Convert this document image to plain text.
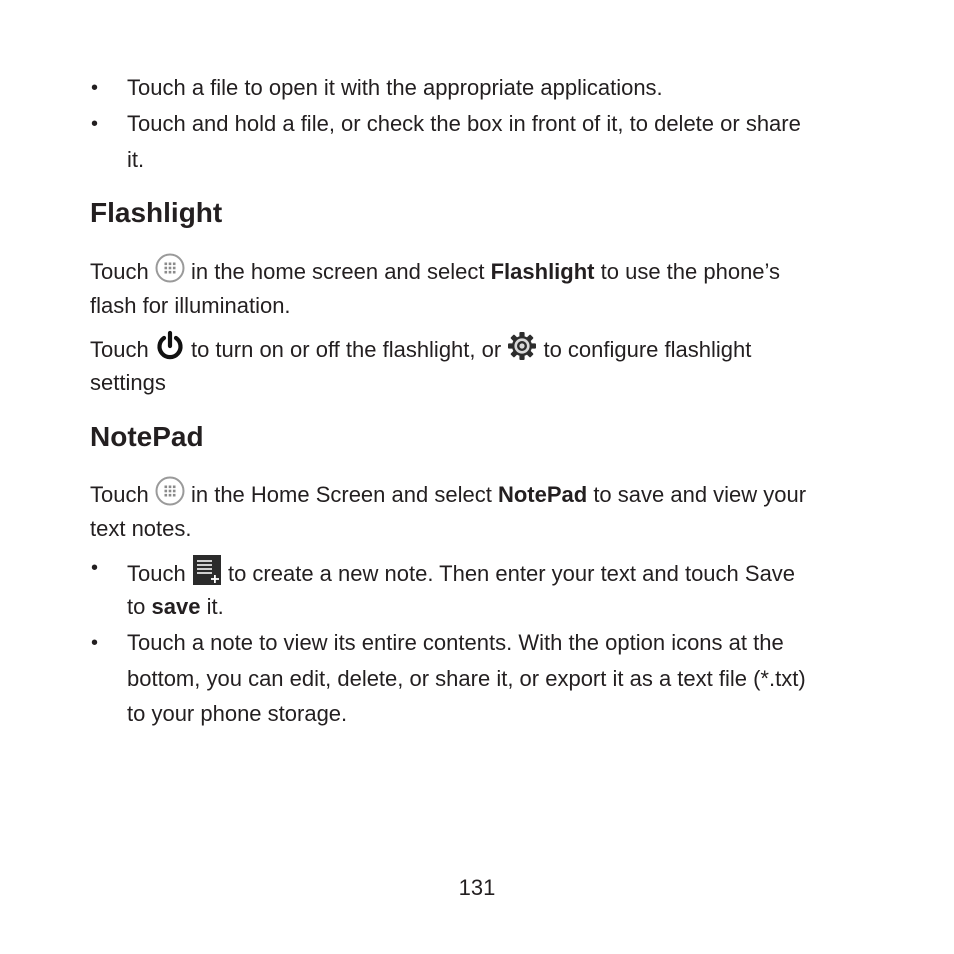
• Touch a file to open it with the appropriate applications.
• Touch and hold a file, or check the box in front of it, to delete or share
it.
Flashlight
Touch in the home screen and select Flashlight to use the phone’s
flash for illumination.
Touch to turn on or off the flashlight, or to configure flashlight
settings
NotePad
Touch in the Home Screen and select NotePad to save and view your
text notes.
• Touch to create a new note. Then enter your text and touch Save
to save it.
• Touch a note to view its entire contents. With the option icons at the
bottom, you can edit, delete, or share it, or export it as a text file (*.txt)
to your phone storage.
131
